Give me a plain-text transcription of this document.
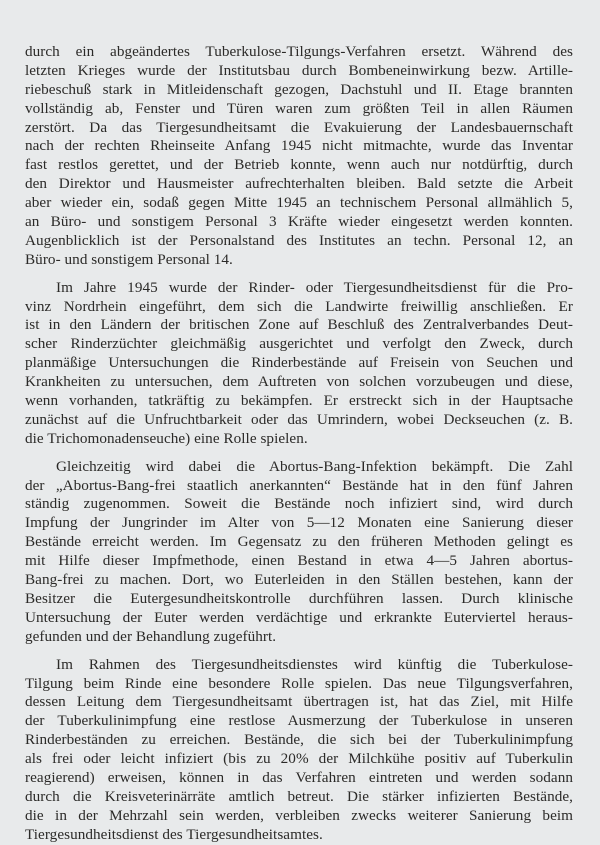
durch ein abgeändertes Tuberkulose-Tilgungs-Verfahren ersetzt. Während des
letzten Krieges wurde der Institutsbau durch Bombeneinwirkung bezw. Artille-
riebeschuß stark in Mitleidenschaft gezogen, Dachstuhl und II. Etage brannten
vollständig ab, Fenster und Türen waren zum größten Teil in allen Räumen
zerstört. Da das Tiergesundheitsamt die Evakuierung der Landesbauernschaft
nach der rechten Rheinseite Anfang 1945 nicht mitmachte, wurde das Inventar
fast restlos gerettet, und der Betrieb konnte, wenn auch nur notdürftig, durch
den Direktor und Hausmeister aufrechterhalten bleiben. Bald setzte die Arbeit
aber wieder ein, sodaß gegen Mitte 1945 an technischem Personal allmählich 5,
an Büro- und sonstigem Personal 3 Kräfte wieder eingesetzt werden konnten.
Augenblicklich ist der Personalstand des Institutes an techn. Personal 12, an
Büro- und sonstigem Personal 14.

Im Jahre 1945 wurde der Rinder- oder Tiergesundheitsdienst für die Pro-
vinz Nordrhein eingeführt, dem sich die Landwirte freiwillig anschließen. Er
ist in den Ländern der britischen Zone auf Beschluß des Zentralverbandes Deut-
scher Rinderzüchter gleichmäßig ausgerichtet und verfolgt den Zweck, durch
planmäßige Untersuchungen die Rinderbestände auf Freisein von Seuchen und
Krankheiten zu untersuchen, dem Auftreten von solchen vorzubeugen und diese,
wenn vorhanden, tatkräftig zu bekämpfen. Er erstreckt sich in der Hauptsache
zunächst auf die Unfruchtbarkeit oder das Umrindern, wobei Deckseuchen (z. B.
die Trichomonadenseuche) eine Rolle spielen.

Gleichzeitig wird dabei die Abortus-Bang-Infektion bekämpft. Die Zahl
der „Abortus-Bang-frei staatlich anerkannten“ Bestände hat in den fünf Jahren
ständig zugenommen. Soweit die Bestände noch infiziert sind, wird durch
Impfung der Jungrinder im Alter von 5—12 Monaten eine Sanierung dieser
Bestände erreicht werden. Im Gegensatz zu den früheren Methoden gelingt es
mit Hilfe dieser Impfmethode, einen Bestand in etwa 4—5 Jahren abortus-
Bang-frei zu machen. Dort, wo Euterleiden in den Ställen bestehen, kann der
Besitzer die Eutergesundheitskontrolle durchführen lassen. Durch klinische
Untersuchung der Euter werden verdächtige und erkrankte Euterviertel heraus-
gefunden und der Behandlung zugeführt.

Im Rahmen des Tiergesundheitsdienstes wird künftig die Tuberkulose-
Tilgung beim Rinde eine besondere Rolle spielen. Das neue Tilgungsverfahren,
dessen Leitung dem Tiergesundheitsamt übertragen ist, hat das Ziel, mit Hilfe
der Tuberkulinimpfung eine restlose Ausmerzung der Tuberkulose in unseren
Rinderbeständen zu erreichen. Bestände, die sich bei der Tuberkulinimpfung
als frei oder leicht infiziert (bis zu 20% der Milchkühe positiv auf Tuberkulin
reagierend) erweisen, können in das Verfahren eintreten und werden sodann
durch die Kreisveterinärräte amtlich betreut. Die stärker infizierten Bestände,
die in der Mehrzahl sein werden, verbleiben zwecks weiterer Sanierung beim
Tiergesundheitsdienst des Tiergesundheitsamtes.
